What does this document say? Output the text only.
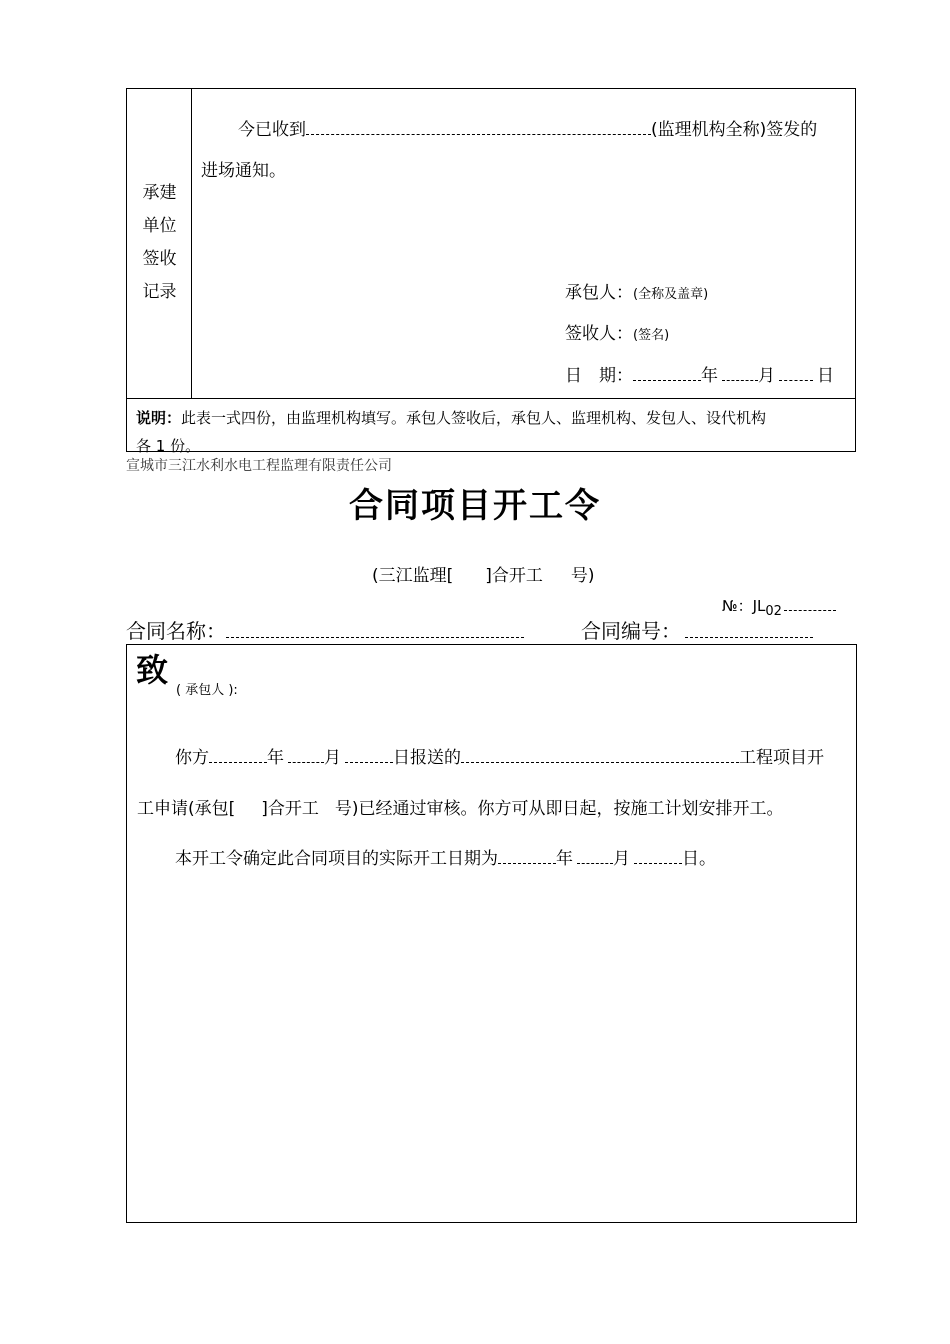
承建
单位
签收
记录
今已收到	(监理机构全称)签发的
进场通知。
承包人：(全称及盖章)
签收人：(签名)
日　期：	年 月 日
说明：此表一式四份，由监理机构填写。承包人签收后，承包人、监理机构、发包人、设代机构
各 1 份。
宣城市三江水利水电工程监理有限责任公司
合同项目开工令
(三江监理[ ]合开工 号)
№：$JL_{02}$
合同名称：	合同编号：
致
( 承包人 ):
你方	年 月	日报送的	工程项目开
工申请(承包[ ]合开工 号)已经通过审核。你方可从即日起，按施工计划安排开工。
本开工令确定此合同项目的实际开工日期为	年 月	日。
